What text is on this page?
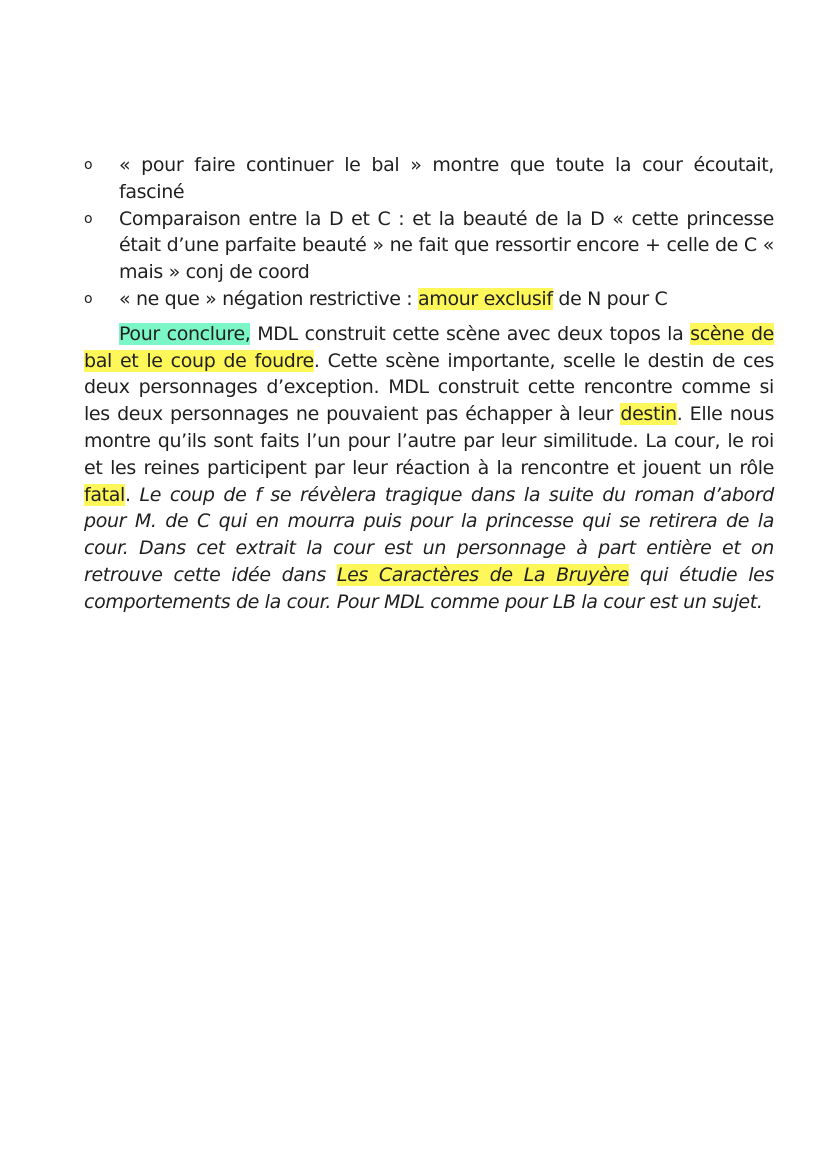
o	« pour faire continuer le bal » montre que toute la cour écoutait, fasciné
o	Comparaison entre la D et C : et la beauté de la D « cette princesse était d’une parfaite beauté » ne fait que ressortir encore + celle de C « mais » conj de coord
o	« ne que » négation restrictive : amour exclusif de N pour C

Pour conclure, MDL construit cette scène avec deux topos la scène de bal et le coup de foudre. Cette scène importante, scelle le destin de ces deux personnages d’exception. MDL construit cette rencontre comme si les deux personnages ne pouvaient pas échapper à leur destin. Elle nous montre qu’ils sont faits l’un pour l’autre par leur similitude. La cour, le roi et les reines participent par leur réaction à la rencontre et jouent un rôle fatal. Le coup de f se révèlera tragique dans la suite du roman d’abord pour M. de C qui en mourra puis pour la princesse qui se retirera de la cour. Dans cet extrait la cour est un personnage à part entière et on retrouve cette idée dans Les Caractères de La Bruyère qui étudie les comportements de la cour. Pour MDL comme pour LB la cour est un sujet.
